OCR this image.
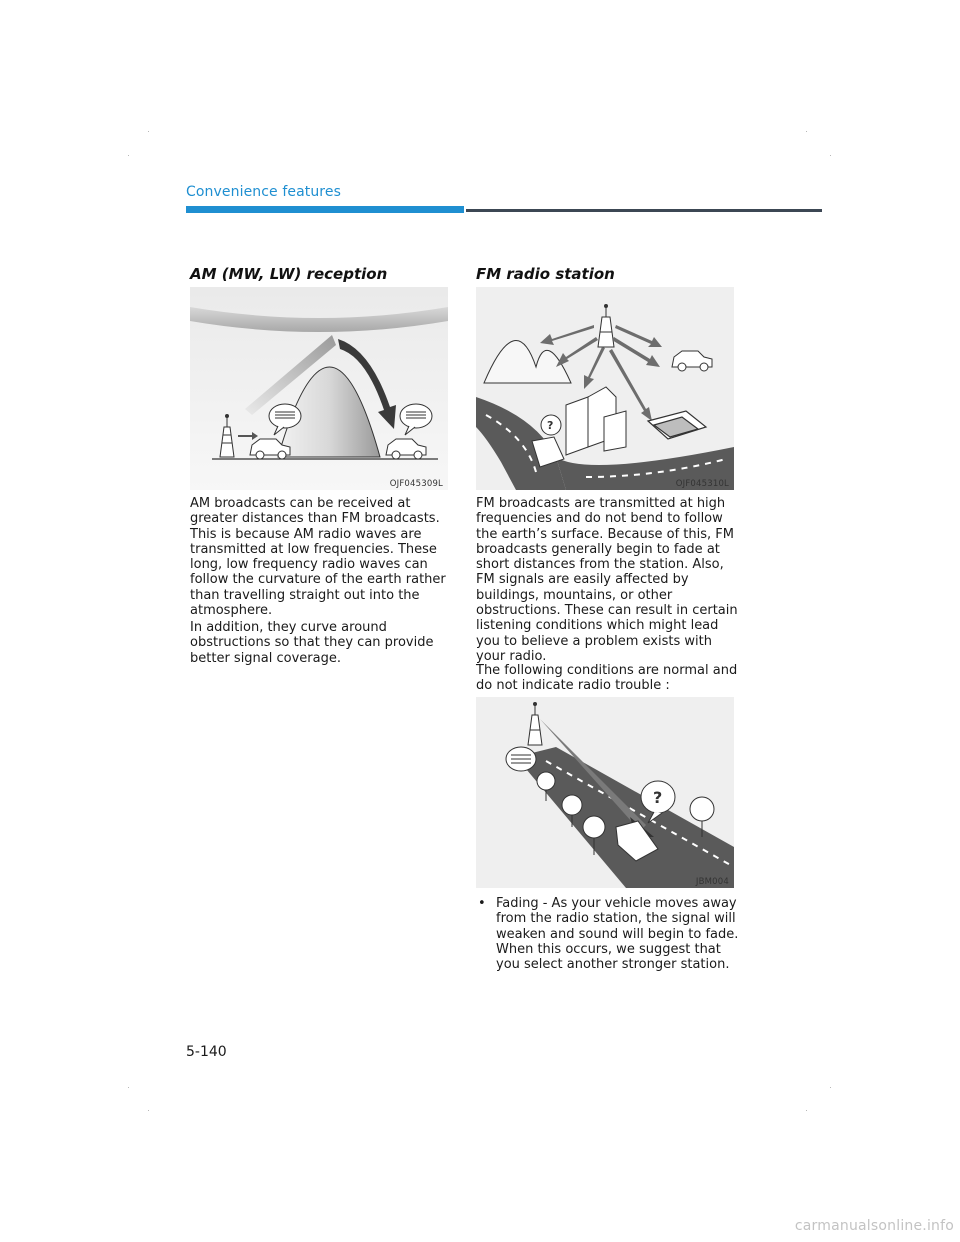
Convenience features
AM (MW, LW) reception
OJF045309L

AM broadcasts can be received at greater distances than FM broadcasts. This is because AM radio waves are transmitted at low frequencies. These long, low frequency radio waves can follow the curvature of the earth rather than travelling straight out into the atmosphere.

In addition, they curve around obstructions so that they can provide better signal coverage.

FM radio station
?
OJF045310L

FM broadcasts are transmitted at high frequencies and do not bend to follow the earth’s surface. Because of this, FM broadcasts generally begin to fade at short distances from the station. Also, FM signals are easily affected by buildings, mountains, or other obstructions. These can result in certain listening conditions which might lead you to believe a problem exists with your radio.

The following conditions are normal and do not indicate radio trouble :

?
JBM004
• Fading - As your vehicle moves away from the radio station, the signal will weaken and sound will begin to fade. When this occurs, we suggest that you select another stronger station.
5-140
carmanualsonline.info
